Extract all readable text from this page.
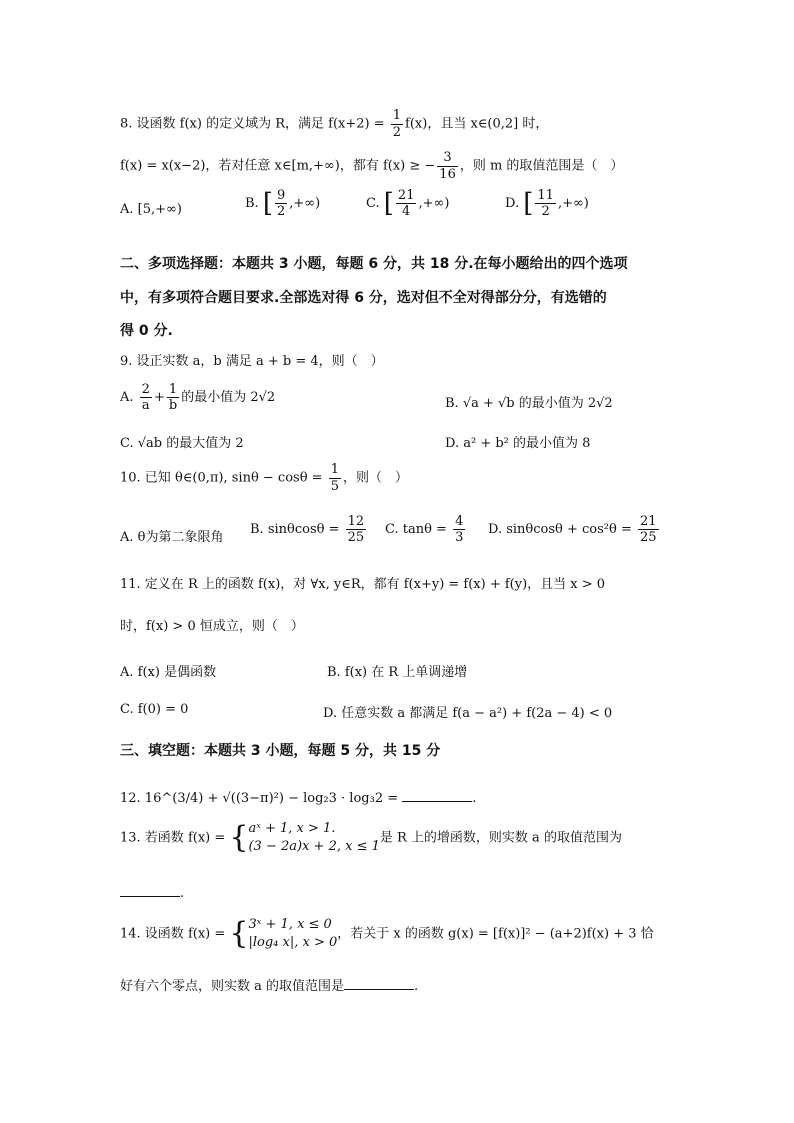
8. 设函数 f(x) 的定义域为 R，满足 $f(x+2) = \frac{1}{2} f(x)$，且当 x∈(0,2] 时，
f(x) = x(x−2)，若对任意 x∈[m,+∞)，都有 f(x) ≥ − $\frac{3}{16}$ ，则 m 的取值范围是（　）
A. [5,+∞)	B. [ $\frac{9}{2}$ ,+∞)	C. [ $\frac{21}{4}$ ,+∞)	D. [ $\frac{11}{2}$ ,+∞)
二、多项选择题：本题共 3 小题，每题 6 分，共 18 分.在每小题给出的四个选项
中，有多项符合题目要求.全部选对得 6 分，选对但不全对得部分分，有选错的
得 0 分.
9. 设正实数 a，b 满足 a + b = 4，则（　）
A. $\frac{2}{a} + \frac{1}{b}$ 的最小值为 2√2	B. √a + √b 的最小值为 2√2
C. √ab 的最大值为 2	D. a² + b² 的最小值为 8
10. 已知 θ∈(0,π), $\sin\theta - \cos\theta = \frac{1}{5}$ ，则（　）
A. θ为第二象限角
B. $\sin\theta\cos\theta = \frac{12}{25} C$. $\tan\theta = \frac{4}{3} D$. $\sin\theta\cos\theta + \cos^2\theta = \frac{21}{25}$
11. 定义在 R 上的函数 f(x)，对 ∀x, y∈R，都有 f(x+y) = f(x) + f(y)，且当 x > 0
时，f(x) > 0 恒成立，则（　）
A. f(x) 是偶函数	B. f(x) 在 R 上单调递增
C. f(0) = 0	D. 任意实数 a 都满足 f(a − a²) + f(2a − 4) < 0
三、填空题：本题共 3 小题，每题 5 分，共 15 分
12. 16^(3/4) + √((3−π)²) − log₂3 · log₃2 =	.
13. 若函数 f(x) = {aˣ + 1, x > 1.
(3 − 2a)x + 2, x ≤ 1是 R 上的增函数，则实数 a 的取值范围为
.
14. 设函数 f(x) = {3ˣ + 1, x ≤ 0
|log₄ x|, x > 0，若关于 x 的函数 g(x) = [f(x)]² − (a+2)f(x) + 3 恰
好有六个零点，则实数 a 的取值范围是	.
